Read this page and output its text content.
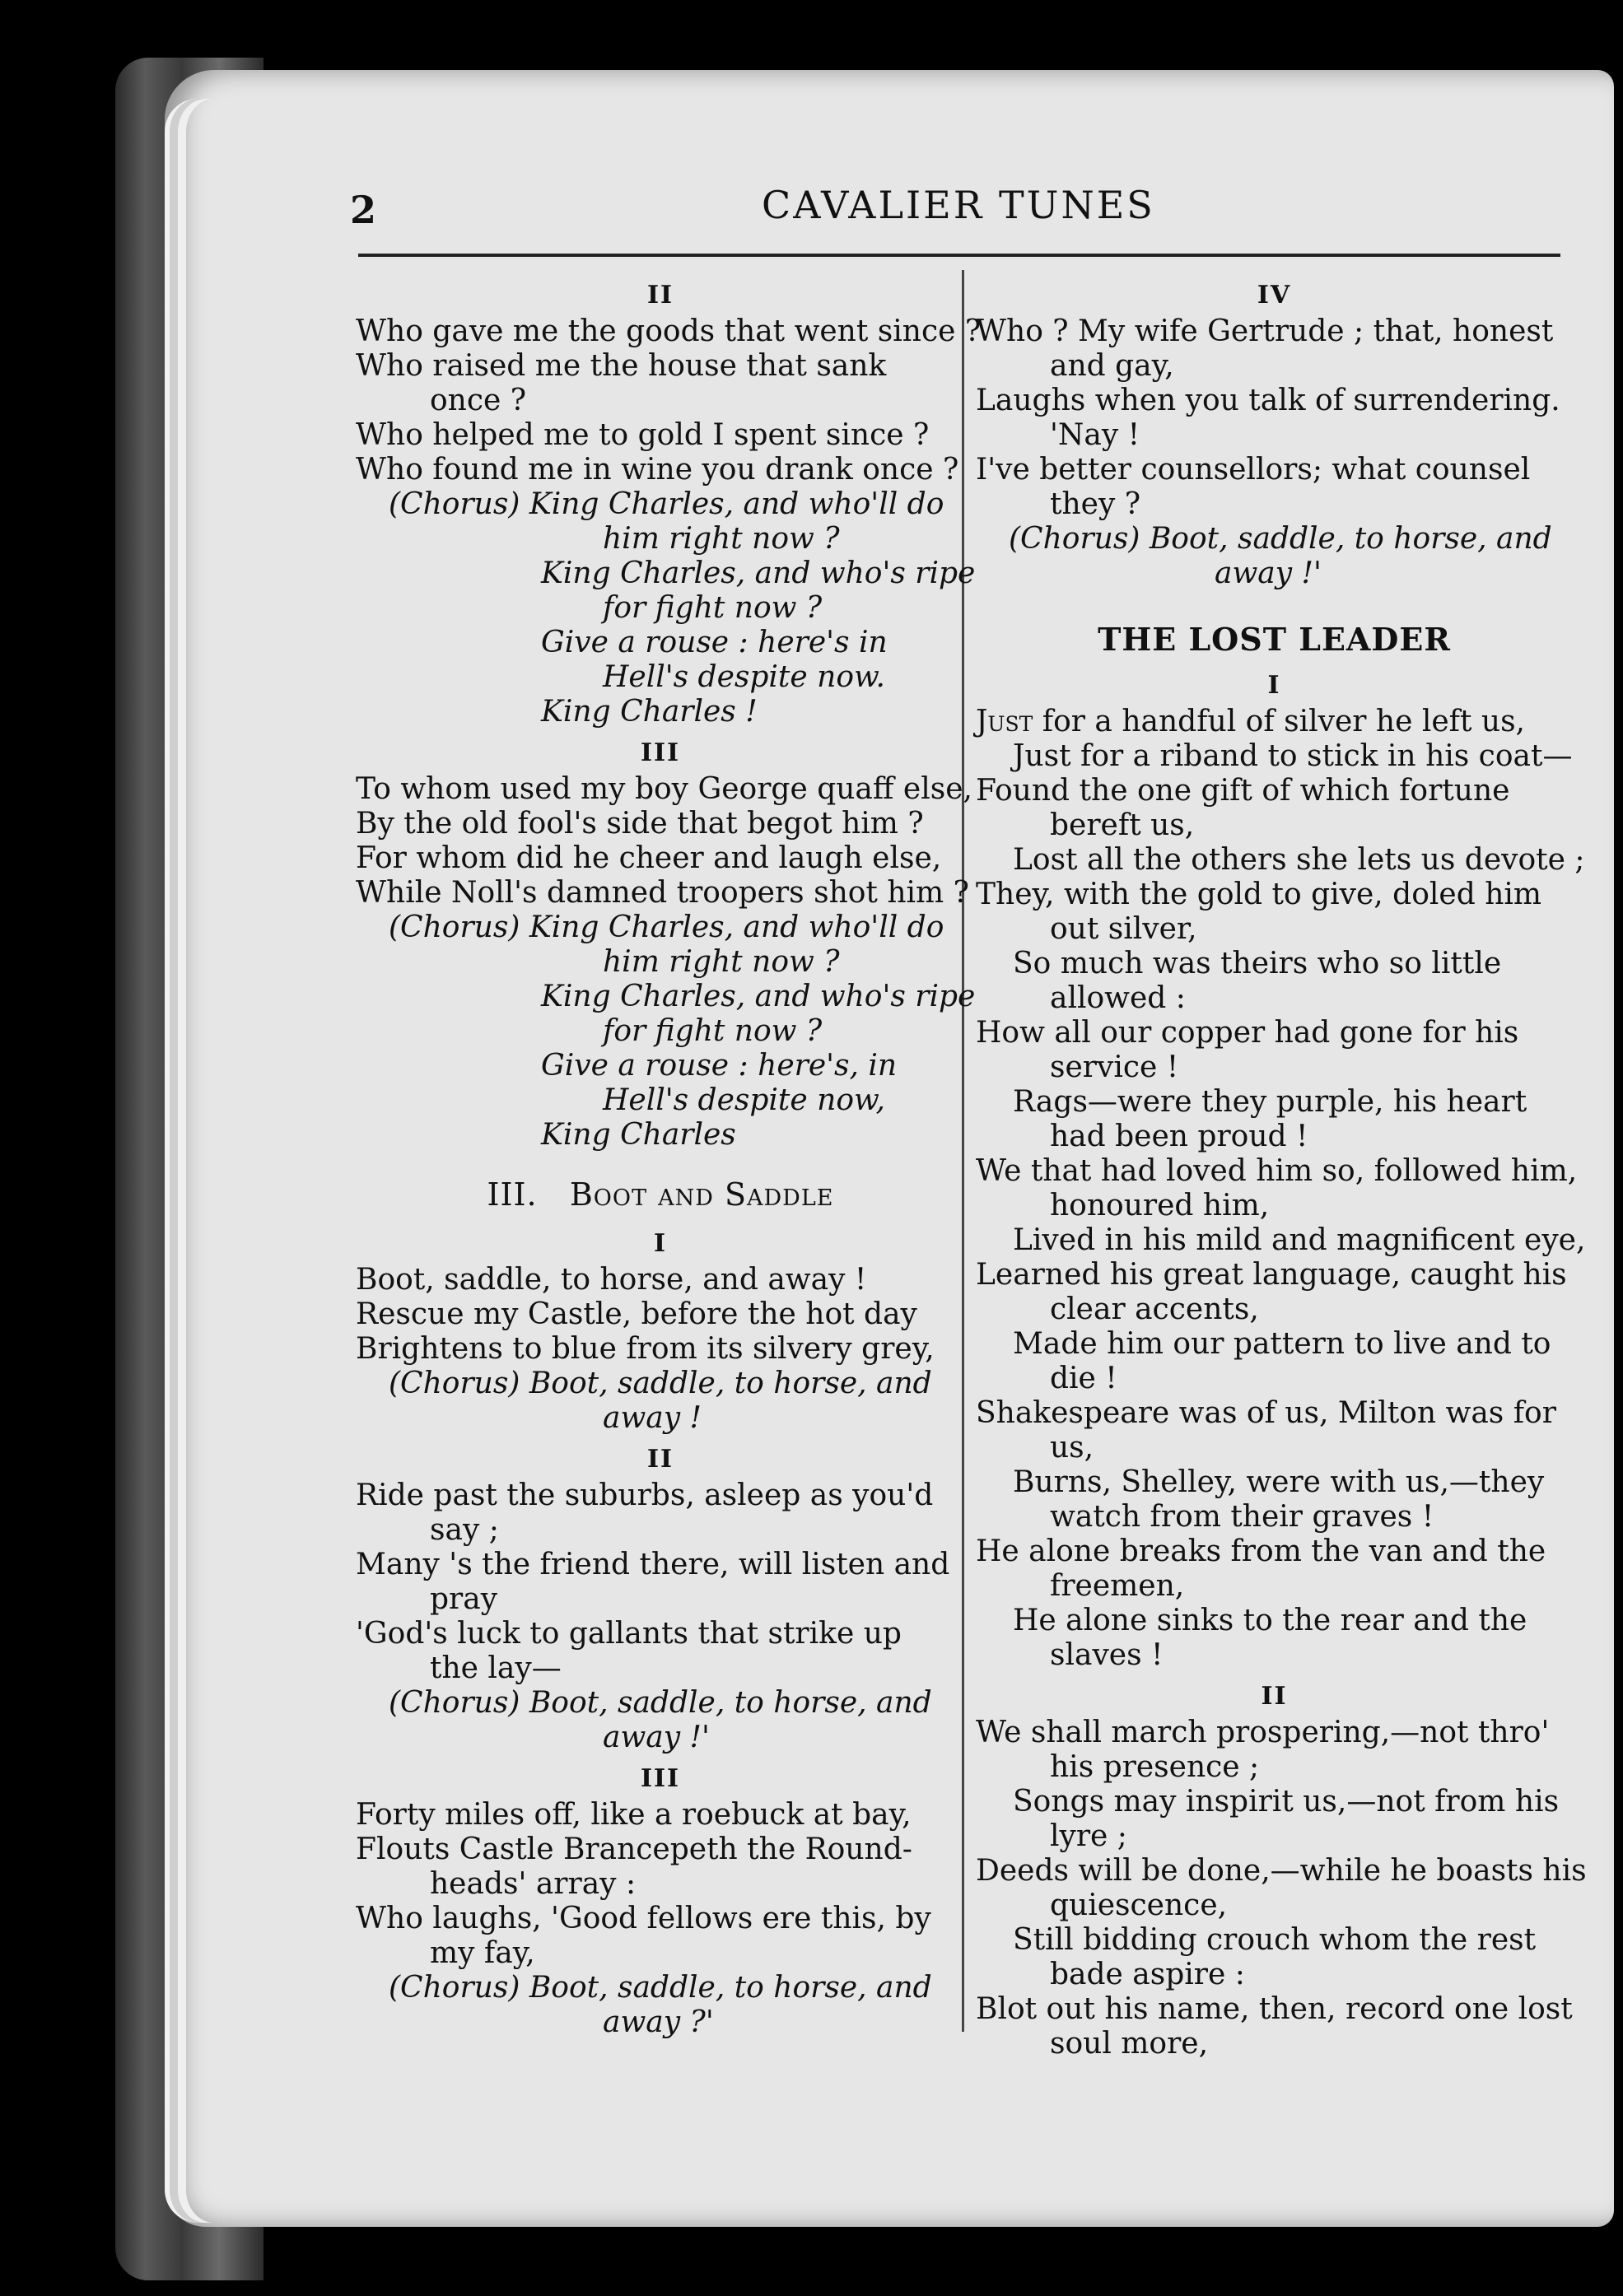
2	CAVALIER TUNES
II
Who gave me the goods that went since ?
Who raised me the house that sank
once ?
Who helped me to gold I spent since ?
Who found me in wine you drank once ?
(Chorus) King Charles, and who'll do
him right now ?
King Charles, and who's ripe
for fight now ?
Give a rouse : here's in
Hell's despite now.
King Charles !
III
To whom used my boy George quaff else,
By the old fool's side that begot him ?
For whom did he cheer and laugh else,
While Noll's damned troopers shot him ?
(Chorus) King Charles, and who'll do
him right now ?
King Charles, and who's ripe
for fight now ?
Give a rouse : here's, in
Hell's despite now,
King Charles
III. Boot and Saddle
I
Boot, saddle, to horse, and away !
Rescue my Castle, before the hot day
Brightens to blue from its silvery grey,
(Chorus) Boot, saddle, to horse, and
away !
II
Ride past the suburbs, asleep as you'd
say ;
Many 's the friend there, will listen and
pray
'God's luck to gallants that strike up
the lay—
(Chorus) Boot, saddle, to horse, and
away !'
III
Forty miles off, like a roebuck at bay,
Flouts Castle Brancepeth the Round-
heads' array :
Who laughs, 'Good fellows ere this, by
my fay,
(Chorus) Boot, saddle, to horse, and
away ?'
IV
Who ? My wife Gertrude ; that, honest
and gay,
Laughs when you talk of surrendering.
'Nay !
I've better counsellors; what counsel
they ?
(Chorus) Boot, saddle, to horse, and
away !'
THE LOST LEADER
I
Just for a handful of silver he left us,
Just for a riband to stick in his coat—
Found the one gift of which fortune
bereft us,
Lost all the others she lets us devote ;
They, with the gold to give, doled him
out silver,
So much was theirs who so little
allowed :
How all our copper had gone for his
service !
Rags—were they purple, his heart
had been proud !
We that had loved him so, followed him,
honoured him,
Lived in his mild and magnificent eye,
Learned his great language, caught his
clear accents,
Made him our pattern to live and to
die !
Shakespeare was of us, Milton was for
us,
Burns, Shelley, were with us,—they
watch from their graves !
He alone breaks from the van and the
freemen,
He alone sinks to the rear and the
slaves !
II
We shall march prospering,—not thro'
his presence ;
Songs may inspirit us,—not from his
lyre ;
Deeds will be done,—while he boasts his
quiescence,
Still bidding crouch whom the rest
bade aspire :
Blot out his name, then, record one lost
soul more,
